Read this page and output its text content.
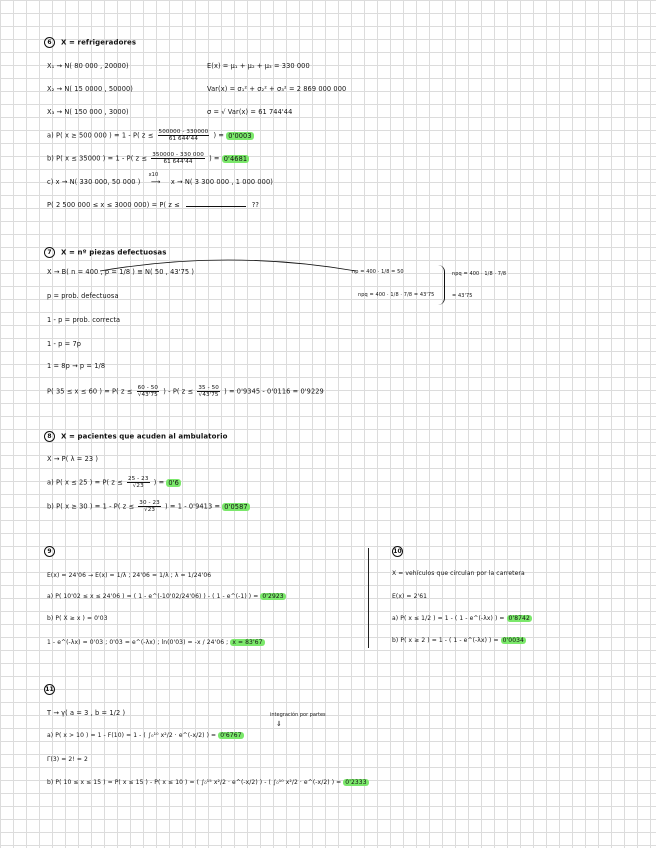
6 X = refrigeradores
X₁ → N( 80 000 , 20000)
X₂ → N( 15 0000 , 50000)
X₃ → N( 150 000 , 3000)
E(x) = μ₁ + μ₂ + μ₃ = 330 000
Var(x) = σ₁² + σ₂² + σ₃² = 2 869 000 000
σ = √ Var(x) = 61 744'44
a) P( x ≥ 500 000 ) = 1 - P( $z \le \frac{500000 - 330000}{61 644'44}$ ) = 0'0003
b) P( x ≤ 35000 ) = 1 - P( $z \le \frac{350000 - 330 000}{61 644'44}$ ) = 0'4681
c) x → N( 330 000, 50 000 )
x10
⟶ x → N( 3 300 000 , 1 000 000)
P( 2 500 000 ≤ x ≤ 3000 000) = P( z ≤	??
7 X = nº piezas defectuosas
X → B( n = 400 , p = 1/8 ) ≅ N( 50 , 43'75 )
p = prob. defectuosa
1 - p = prob. correcta
1 - p = 7p
1 = 8p → p = 1/8
np = 400 · 1/8 = 50
npq = 400 · 1/8 · 7/8 = 43'75
npq = 400 · 1/8 · 7/8
= 43'75
P( 35 ≤ x ≤ 60 ) = P( $z \le \frac{60 - 50}{√43'75}$ ) - P( $z \le \frac{35 - 50}{√43'75}$ ) = 0'9345 - 0'0116 = 0'9229
8 X = pacientes que acuden al ambulatorio
X → P( λ = 23 )
a) P( x ≤ 25 ) = P( $z \le \frac{25 - 23}{√23}$ ) = 0'6
b) P( x ≥ 30 ) = 1 - P( $z \le \frac{30 - 23}{√23}$ ) = 1 - 0'9413 = 0'0587
9
E(x) = 24'06 → E(x) = 1/λ ; 24'06 = 1/λ ; λ = 1/24'06
a) P( 10'02 ≤ x ≤ 24'06 ) = ( 1 - e^(-10'02/24'06) ) - ( 1 - e^(-1) ) = 0'2923
b) P( X ≥ x ) = 0'03
1 - e^(-λx) = 0'03 ; 0'03 = e^(-λx) ; ln(0'03) = -x / 24'06 ; x = 83'67
10
X = vehículos que circulan por la carretera
E(x) = 2'61
a) P( x ≤ 1/2 ) = 1 - ( 1 - e^(-λx) ) = 0'8742
b) P( x ≥ 2 ) = 1 - ( 1 - e^(-λx) ) = 0'0034
11
T → γ( a = 3 , b = 1/2 )	integración por partes
⇓
a) P( x > 10 ) = 1 - F(10) = 1 - ( ∫₀¹⁰ x²/2 · e^(-x/2) ) = 0'6767
Γ(3) = 2! = 2
b) P( 10 ≤ x ≤ 15 ) = P( x ≤ 15 ) - P( x ≤ 10 ) = ( ∫₀¹⁵ x²/2 · e^(-x/2) ) - ( ∫₀¹⁰ x²/2 · e^(-x/2) ) = 0'2333
